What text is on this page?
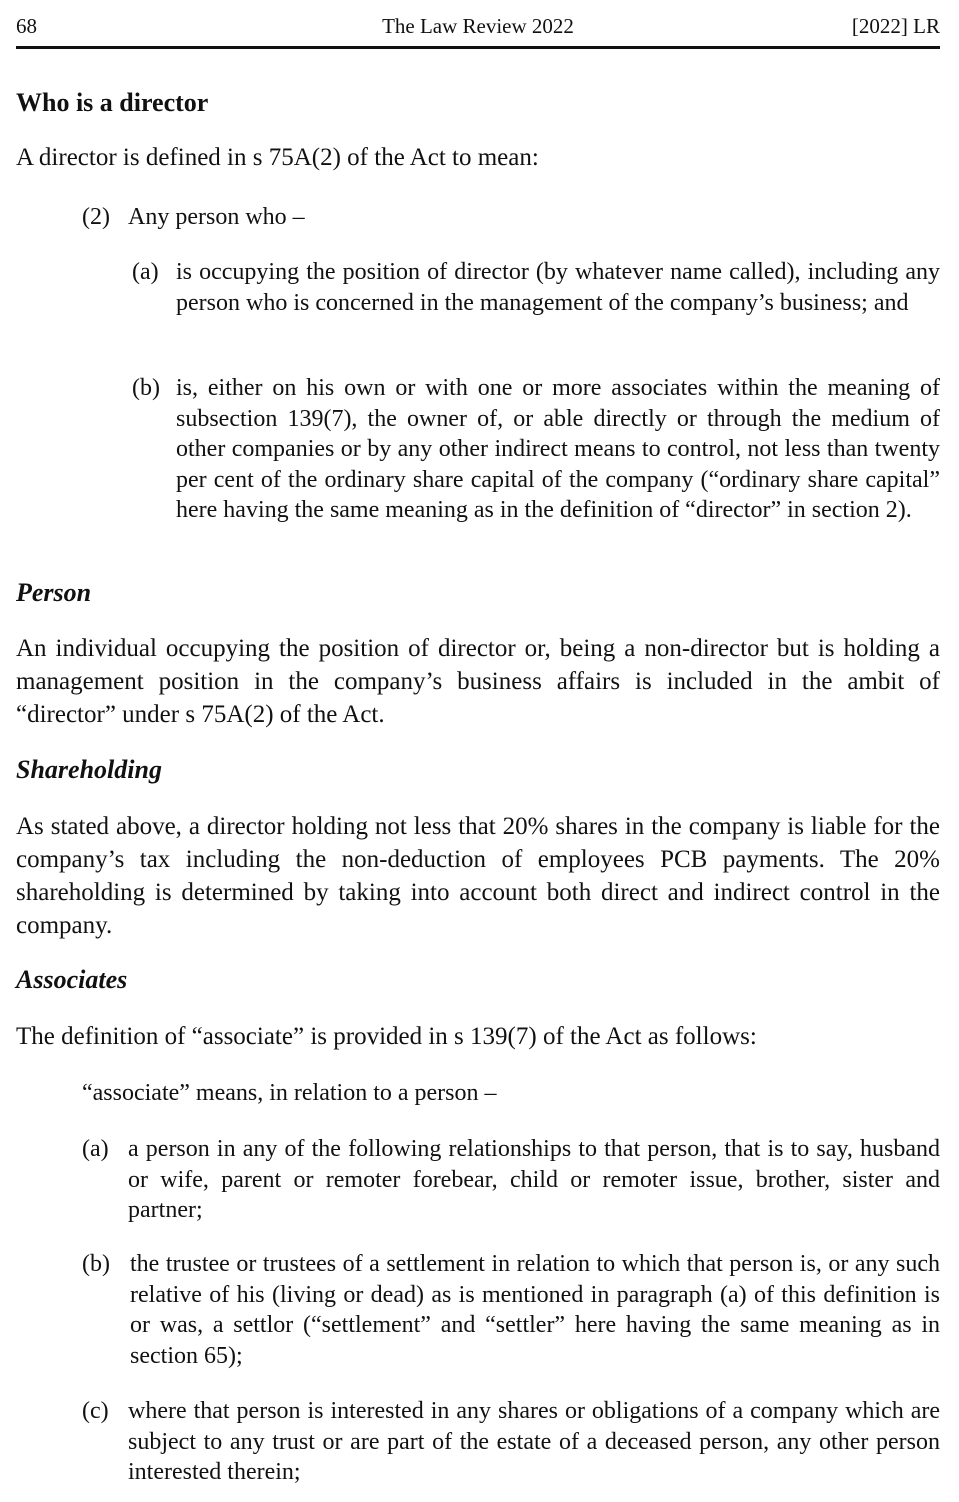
68	The Law Review 2022	[2022] LR
Who is a director
A director is defined in s 75A(2) of the Act to mean:
(2) Any person who –
(a) is occupying the position of director (by whatever name called), including any person who is concerned in the management of the company’s business; and
(b) is, either on his own or with one or more associates within the meaning of subsection 139(7), the owner of, or able directly or through the medium of other companies or by any other indirect means to control, not less than twenty per cent of the ordinary share capital of the company (“ordinary share capital” here having the same meaning as in the definition of “director” in section 2).
Person
An individual occupying the position of director or, being a non-director but is holding a management position in the company’s business affairs is included in the ambit of “director” under s 75A(2) of the Act.
Shareholding
As stated above, a director holding not less that 20% shares in the company is liable for the company’s tax including the non-deduction of employees PCB payments. The 20% shareholding is determined by taking into account both direct and indirect control in the company.
Associates
The definition of “associate” is provided in s 139(7) of the Act as follows:
“associate” means, in relation to a person –
(a) a person in any of the following relationships to that person, that is to say, husband or wife, parent or remoter forebear, child or remoter issue, brother, sister and partner;
(b) the trustee or trustees of a settlement in relation to which that person is, or any such relative of his (living or dead) as is mentioned in paragraph (a) of this definition is or was, a settlor (“settlement” and “settler” here having the same meaning as in section 65);
(c) where that person is interested in any shares or obligations of a company which are subject to any trust or are part of the estate of a deceased person, any other person interested therein;
